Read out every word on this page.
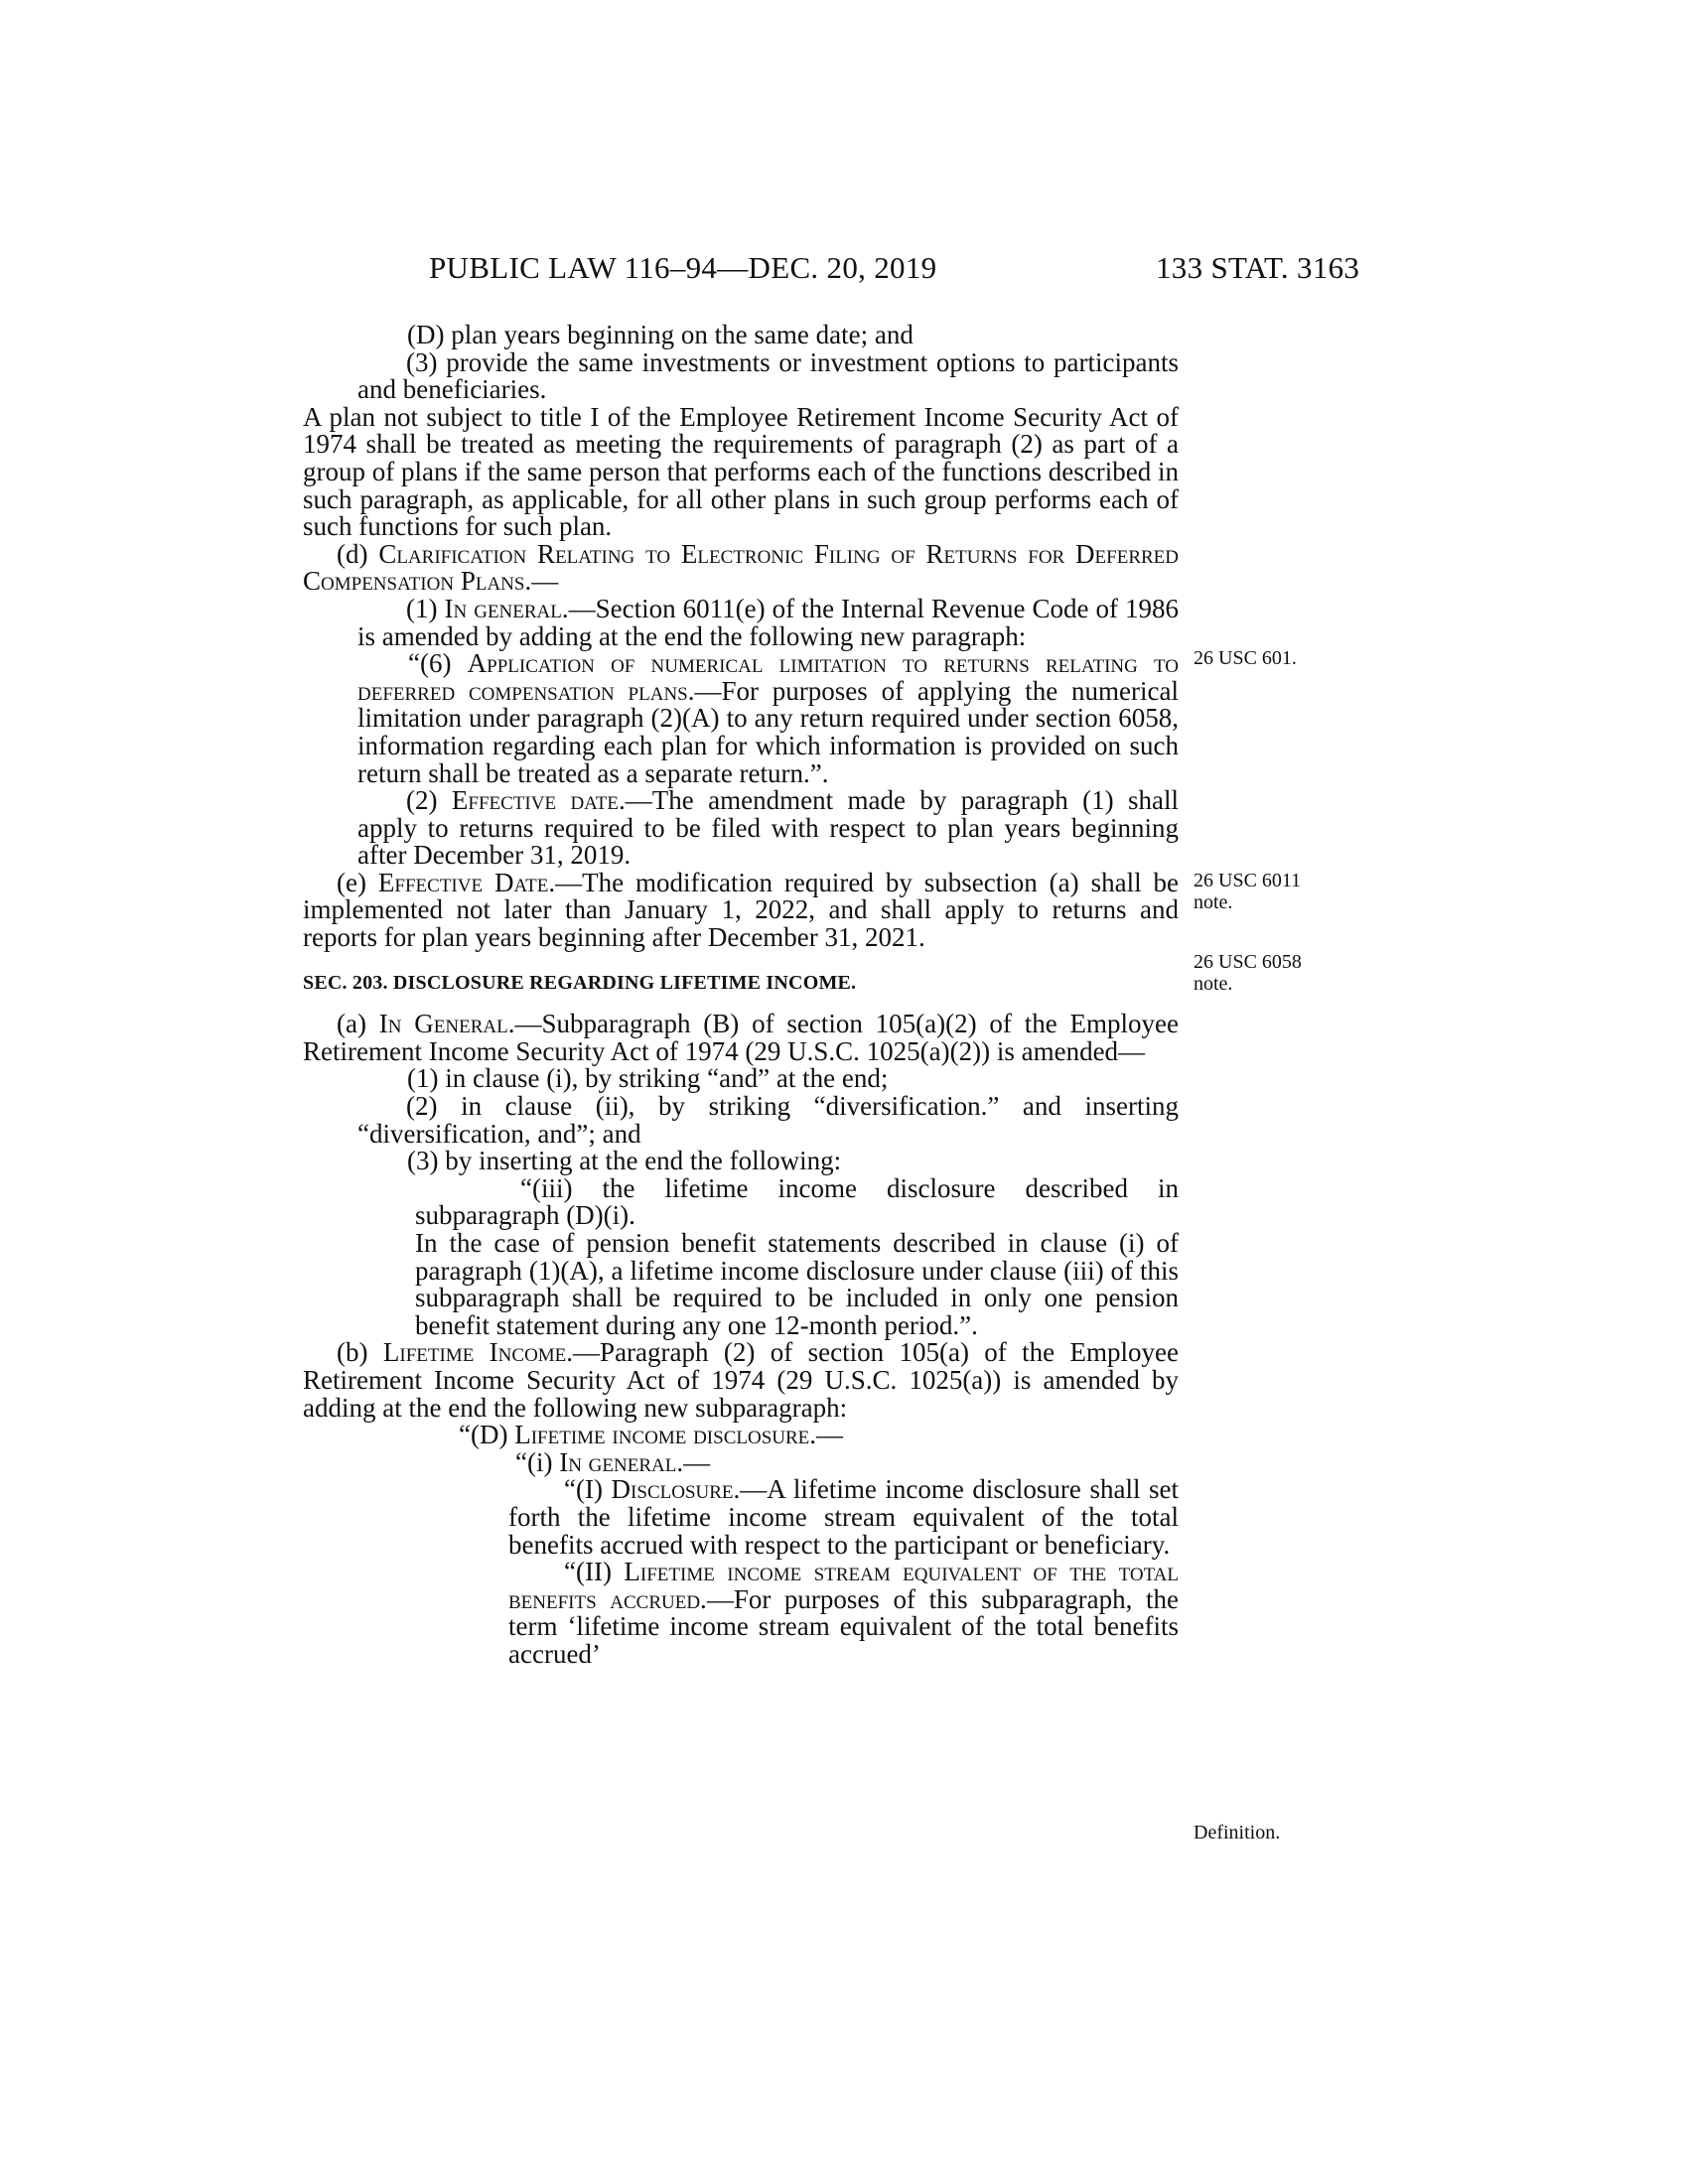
PUBLIC LAW 116–94—DEC. 20, 2019	133 STAT. 3163

(D) plan years beginning on the same date; and

(3) provide the same investments or investment options to participants and beneficiaries.

A plan not subject to title I of the Employee Retirement Income Security Act of 1974 shall be treated as meeting the requirements of paragraph (2) as part of a group of plans if the same person that performs each of the functions described in such paragraph, as applicable, for all other plans in such group performs each of such functions for such plan.

(d) Clarification Relating to Electronic Filing of Returns for Deferred Compensation Plans.—

(1) In general.—Section 6011(e) of the Internal Revenue Code of 1986 is amended by adding at the end the following new paragraph:

“(6) Application of numerical limitation to returns relating to deferred compensation plans.—For purposes of applying the numerical limitation under paragraph (2)(A) to any return required under section 6058, information regarding each plan for which information is provided on such return shall be treated as a separate return.”.

(2) Effective date.—The amendment made by paragraph (1) shall apply to returns required to be filed with respect to plan years beginning after December 31, 2019.

(e) Effective Date.—The modification required by subsection (a) shall be implemented not later than January 1, 2022, and shall apply to returns and reports for plan years beginning after December 31, 2021.

SEC. 203. DISCLOSURE REGARDING LIFETIME INCOME.

(a) In General.—Subparagraph (B) of section 105(a)(2) of the Employee Retirement Income Security Act of 1974 (29 U.S.C. 1025(a)(2)) is amended—

(1) in clause (i), by striking “and” at the end;

(2) in clause (ii), by striking “diversification.” and inserting “diversification, and”; and

(3) by inserting at the end the following:

“(iii) the lifetime income disclosure described in subparagraph (D)(i).

In the case of pension benefit statements described in clause (i) of paragraph (1)(A), a lifetime income disclosure under clause (iii) of this subparagraph shall be required to be included in only one pension benefit statement during any one 12-month period.”.

(b) Lifetime Income.—Paragraph (2) of section 105(a) of the Employee Retirement Income Security Act of 1974 (29 U.S.C. 1025(a)) is amended by adding at the end the following new subparagraph:

“(D) Lifetime income disclosure.—

“(i) In general.—

“(I) Disclosure.—A lifetime income disclosure shall set forth the lifetime income stream equivalent of the total benefits accrued with respect to the participant or beneficiary.

“(II) Lifetime income stream equivalent of the total benefits accrued.—For purposes of this subparagraph, the term ‘lifetime income stream equivalent of the total benefits accrued’

26 USC 601.
26 USC 6011
note.
26 USC 6058
note.
Definition.
